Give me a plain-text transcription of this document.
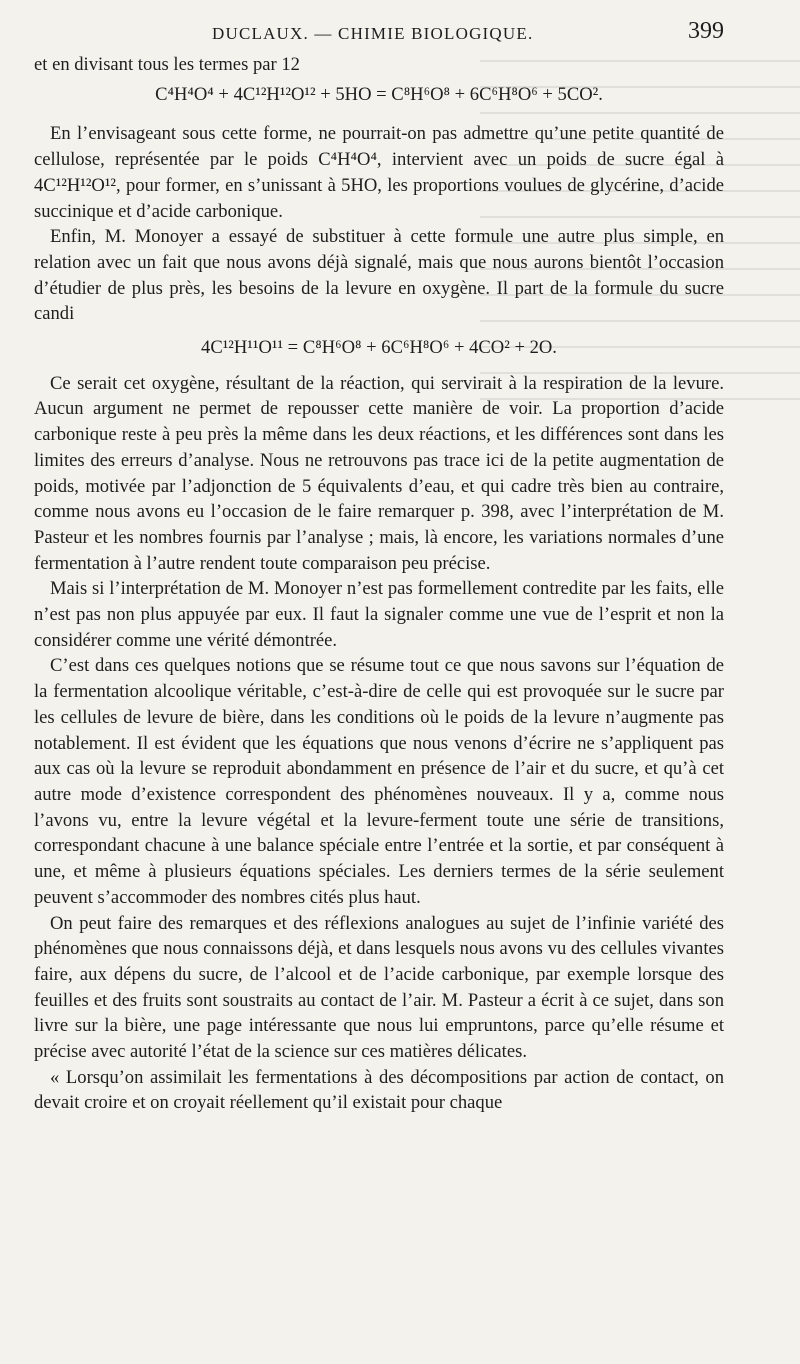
DUCLAUX. — CHIMIE BIOLOGIQUE.	399

et en divisant tous les termes par 12

C⁴H⁴O⁴ + 4C¹²H¹²O¹² + 5HO = C⁸H⁶O⁸ + 6C⁶H⁸O⁶ + 5CO².

En l’envisageant sous cette forme, ne pourrait-on pas admettre qu’une petite quantité de cellulose, représentée par le poids C⁴H⁴O⁴, intervient avec un poids de sucre égal à 4C¹²H¹²O¹², pour former, en s’unissant à 5HO, les proportions voulues de glycérine, d’acide succinique et d’acide carbonique.

Enfin, M. Monoyer a essayé de substituer à cette formule une autre plus simple, en relation avec un fait que nous avons déjà signalé, mais que nous aurons bientôt l’occasion d’étudier de plus près, les besoins de la levure en oxygène. Il part de la formule du sucre candi

4C¹²H¹¹O¹¹ = C⁸H⁶O⁸ + 6C⁶H⁸O⁶ + 4CO² + 2O.

Ce serait cet oxygène, résultant de la réaction, qui servirait à la respiration de la levure. Aucun argument ne permet de repousser cette manière de voir. La proportion d’acide carbonique reste à peu près la même dans les deux réactions, et les différences sont dans les limites des erreurs d’analyse. Nous ne retrouvons pas trace ici de la petite augmentation de poids, motivée par l’adjonction de 5 équivalents d’eau, et qui cadre très bien au contraire, comme nous avons eu l’occasion de le faire remarquer p. 398, avec l’interprétation de M. Pasteur et les nombres fournis par l’analyse ; mais, là encore, les variations normales d’une fermentation à l’autre rendent toute comparaison peu précise.

Mais si l’interprétation de M. Monoyer n’est pas formellement contredite par les faits, elle n’est pas non plus appuyée par eux. Il faut la signaler comme une vue de l’esprit et non la considérer comme une vérité démontrée.

C’est dans ces quelques notions que se résume tout ce que nous savons sur l’équation de la fermentation alcoolique véritable, c’est-à-dire de celle qui est provoquée sur le sucre par les cellules de levure de bière, dans les conditions où le poids de la levure n’augmente pas notablement. Il est évident que les équations que nous venons d’écrire ne s’appliquent pas aux cas où la levure se reproduit abondamment en présence de l’air et du sucre, et qu’à cet autre mode d’existence correspondent des phénomènes nouveaux. Il y a, comme nous l’avons vu, entre la levure végétal et la levure-ferment toute une série de transitions, correspondant chacune à une balance spéciale entre l’entrée et la sortie, et par conséquent à une, et même à plusieurs équations spéciales. Les derniers termes de la série seulement peuvent s’accommoder des nombres cités plus haut.

On peut faire des remarques et des réflexions analogues au sujet de l’infinie variété des phénomènes que nous connaissons déjà, et dans lesquels nous avons vu des cellules vivantes faire, aux dépens du sucre, de l’alcool et de l’acide carbonique, par exemple lorsque des feuilles et des fruits sont soustraits au contact de l’air. M. Pasteur a écrit à ce sujet, dans son livre sur la bière, une page intéressante que nous lui empruntons, parce qu’elle résume et précise avec autorité l’état de la science sur ces matières délicates.

« Lorsqu’on assimilait les fermentations à des décompositions par action de contact, on devait croire et on croyait réellement qu’il existait pour chaque
